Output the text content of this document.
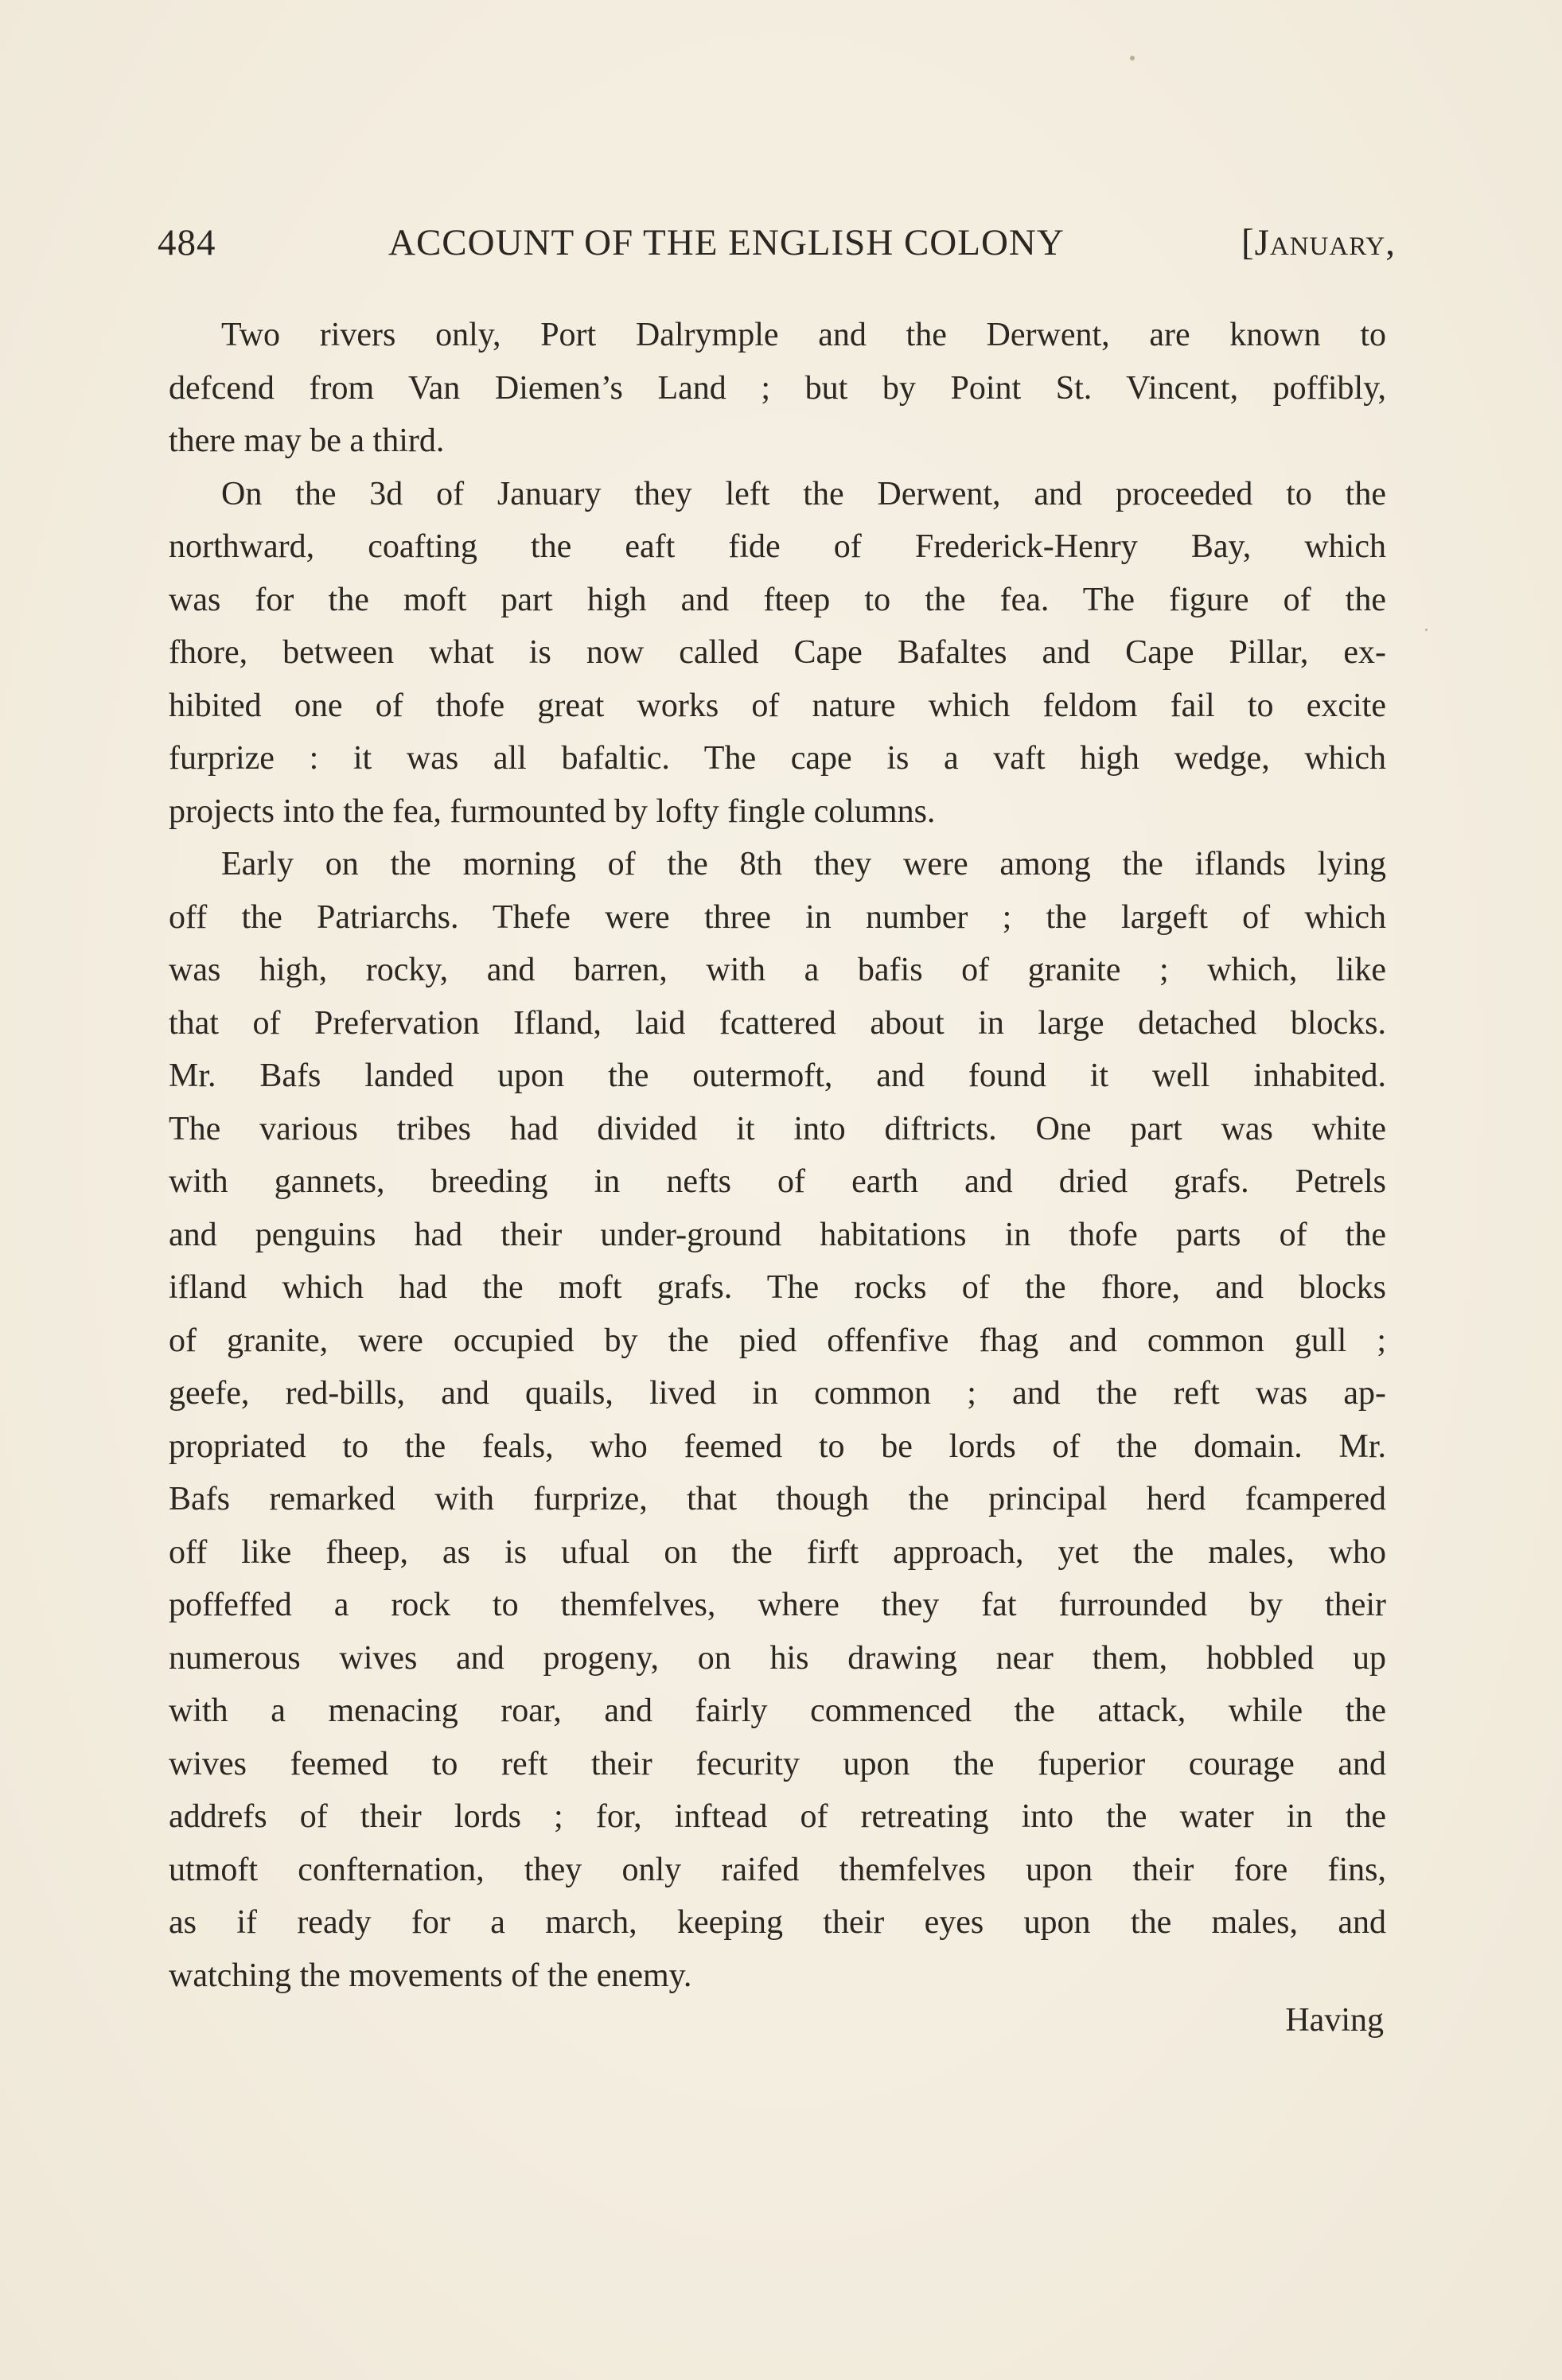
484	ACCOUNT OF THE ENGLISH COLONY	[January,

Two rivers only, Port Dalrymple and the Derwent, are known to
defcend from Van Diemen’s Land ; but by Point St. Vincent, poffibly,
there may be a third.

On the 3d of January they left the Derwent, and proceeded to the
northward, coafting the eaft fide of Frederick-Henry Bay, which
was for the moft part high and fteep to the fea. The figure of the
fhore, between what is now called Cape Bafaltes and Cape Pillar, ex-
hibited one of thofe great works of nature which feldom fail to excite
furprize : it was all bafaltic. The cape is a vaft high wedge, which
projects into the fea, furmounted by lofty fingle columns.

Early on the morning of the 8th they were among the iflands lying
off the Patriarchs. Thefe were three in number ; the largeft of which
was high, rocky, and barren, with a bafis of granite ; which, like
that of Prefervation Ifland, laid fcattered about in large detached blocks.
Mr. Bafs landed upon the outermoft, and found it well inhabited.
The various tribes had divided it into diftricts. One part was white
with gannets, breeding in nefts of earth and dried grafs. Petrels
and penguins had their under-ground habitations in thofe parts of the
ifland which had the moft grafs. The rocks of the fhore, and blocks
of granite, were occupied by the pied offenfive fhag and common gull ;
geefe, red-bills, and quails, lived in common ; and the reft was ap-
propriated to the feals, who feemed to be lords of the domain. Mr.
Bafs remarked with furprize, that though the principal herd fcampered
off like fheep, as is ufual on the firft approach, yet the males, who
poffeffed a rock to themfelves, where they fat furrounded by their
numerous wives and progeny, on his drawing near them, hobbled up
with a menacing roar, and fairly commenced the attack, while the
wives feemed to reft their fecurity upon the fuperior courage and
addrefs of their lords ; for, inftead of retreating into the water in the
utmoft confternation, they only raifed themfelves upon their fore fins,
as if ready for a march, keeping their eyes upon the males, and
watching the movements of the enemy.

Having
